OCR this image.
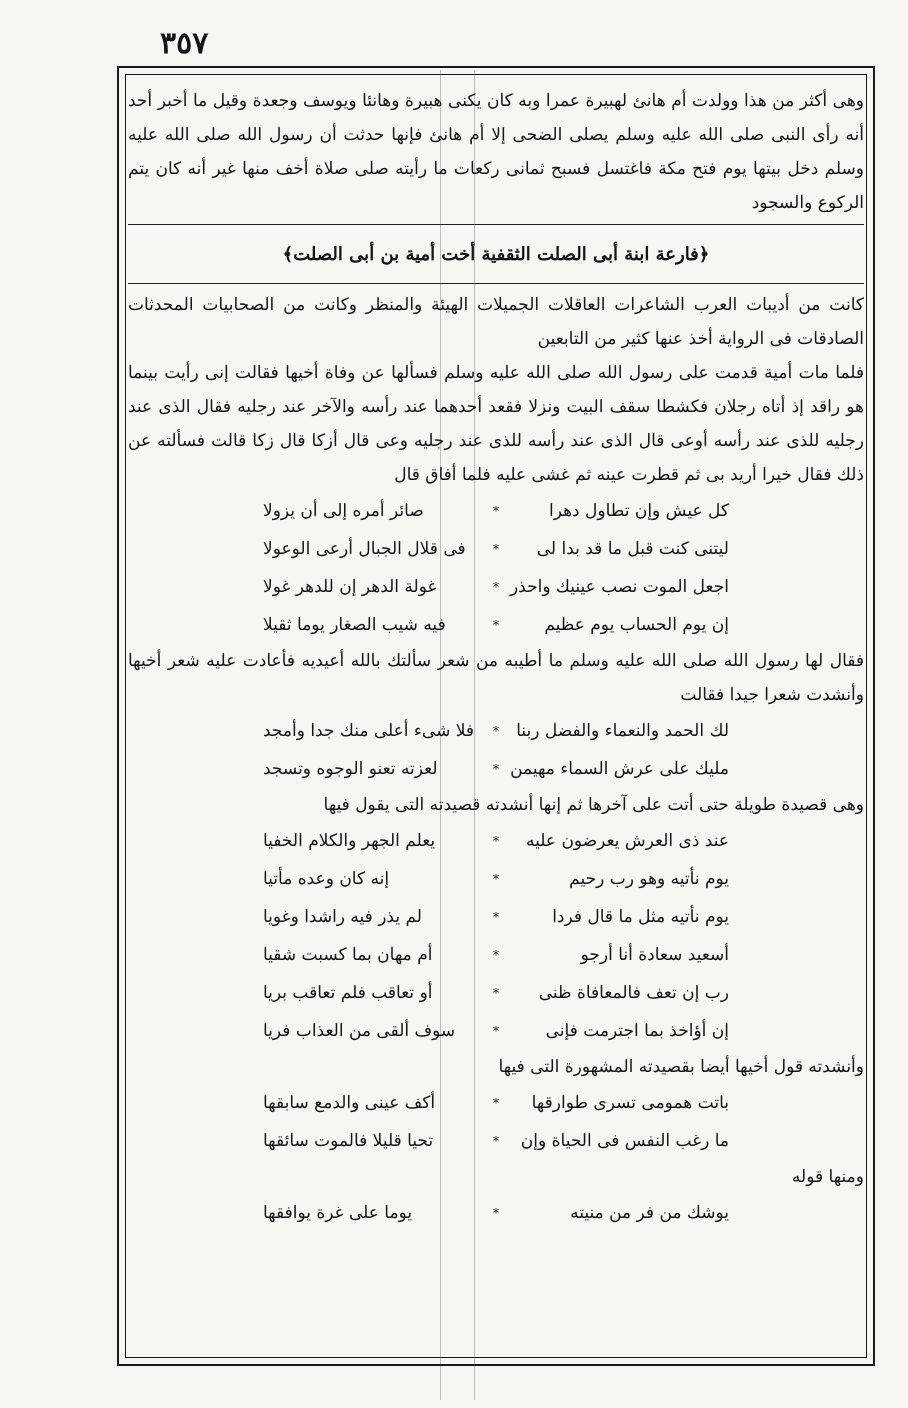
٣٥٧

وهى أكثر من هذا وولدت أم هانئ لهبيرة عمرا وبه كان يكنى هبيرة وهانئا ويوسف وجعدة وقيل ما أخبر أحد أنه رأى النبى صلى الله عليه وسلم يصلى الضحى إلا أم هانئ فإنها حدثت أن رسول الله صلى الله عليه وسلم دخل بيتها يوم فتح مكة فاغتسل فسبح ثمانى ركعات ما رأيته صلى صلاة أخف منها غير أنه كان يتم الركوع والسجود

﴿فارعة ابنة أبى الصلت الثقفية أخت أمية بن أبى الصلت﴾

كانت من أديبات العرب الشاعرات العاقلات الجميلات الهيئة والمنظر وكانت من الصحابيات المحدثات الصادقات فى الرواية أخذ عنها كثير من التابعين

فلما مات أمية قدمت على رسول الله صلى الله عليه وسلم فسألها عن وفاة أخيها فقالت إنى رأيت بينما هو راقد إذ أتاه رجلان فكشطا سقف البيت ونزلا فقعد أحدهما عند رأسه والآخر عند رجليه فقال الذى عند رجليه للذى عند رأسه أوعى قال الذى عند رأسه للذى عند رجليه وعى قال أزكا قال زكا قالت فسألته عن ذلك فقال خيرا أريد بى ثم قطرت عينه ثم غشى عليه فلما أفاق قال

كل عيش وإن تطاول دهرا
*
صائر أمره إلى أن يزولا
ليتنى كنت قبل ما قد بدا لى
*
فى قلال الجبال أرعى الوعولا
اجعل الموت نصب عينيك واحذر
*
غولة الدهر إن للدهر غولا
إن يوم الحساب يوم عظيم
*
فيه شيب الصغار يوما ثقيلا

فقال لها رسول الله صلى الله عليه وسلم ما أطيبه من شعر سألتك بالله أعيديه فأعادت عليه شعر أخيها وأنشدت شعرا جيدا فقالت

لك الحمد والنعماء والفضل ربنا
*
فلا شىء أعلى منك جدا وأمجد
مليك على عرش السماء مهيمن
*
لعزته تعنو الوجوه وتسجد

وهى قصيدة طويلة حتى أتت على آخرها ثم إنها أنشدته قصيدته التى يقول فيها

عند ذى العرش يعرضون عليه
*
يعلم الجهر والكلام الخفيا
يوم نأتيه وهو رب رحيم
*
إنه كان وعده مأتيا
يوم نأتيه مثل ما قال فردا
*
لم يذر فيه راشدا وغويا
أسعيد سعادة أنا أرجو
*
أم مهان بما كسبت شقيا
رب إن تعف فالمعافاة ظنى
*
أو تعاقب فلم تعاقب بريا
إن أؤاخذ بما اجترمت فإنى
*
سوف ألقى من العذاب فريا

وأنشدته قول أخيها أيضا بقصيدته المشهورة التى فيها

باتت همومى تسرى طوارقها
*
أكف عينى والدمع سابقها
ما رغب النفس فى الحياة وإن
*
تحيا قليلا فالموت سائقها

ومنها قوله

يوشك من فر من منيته
*
يوما على غرة يوافقها
